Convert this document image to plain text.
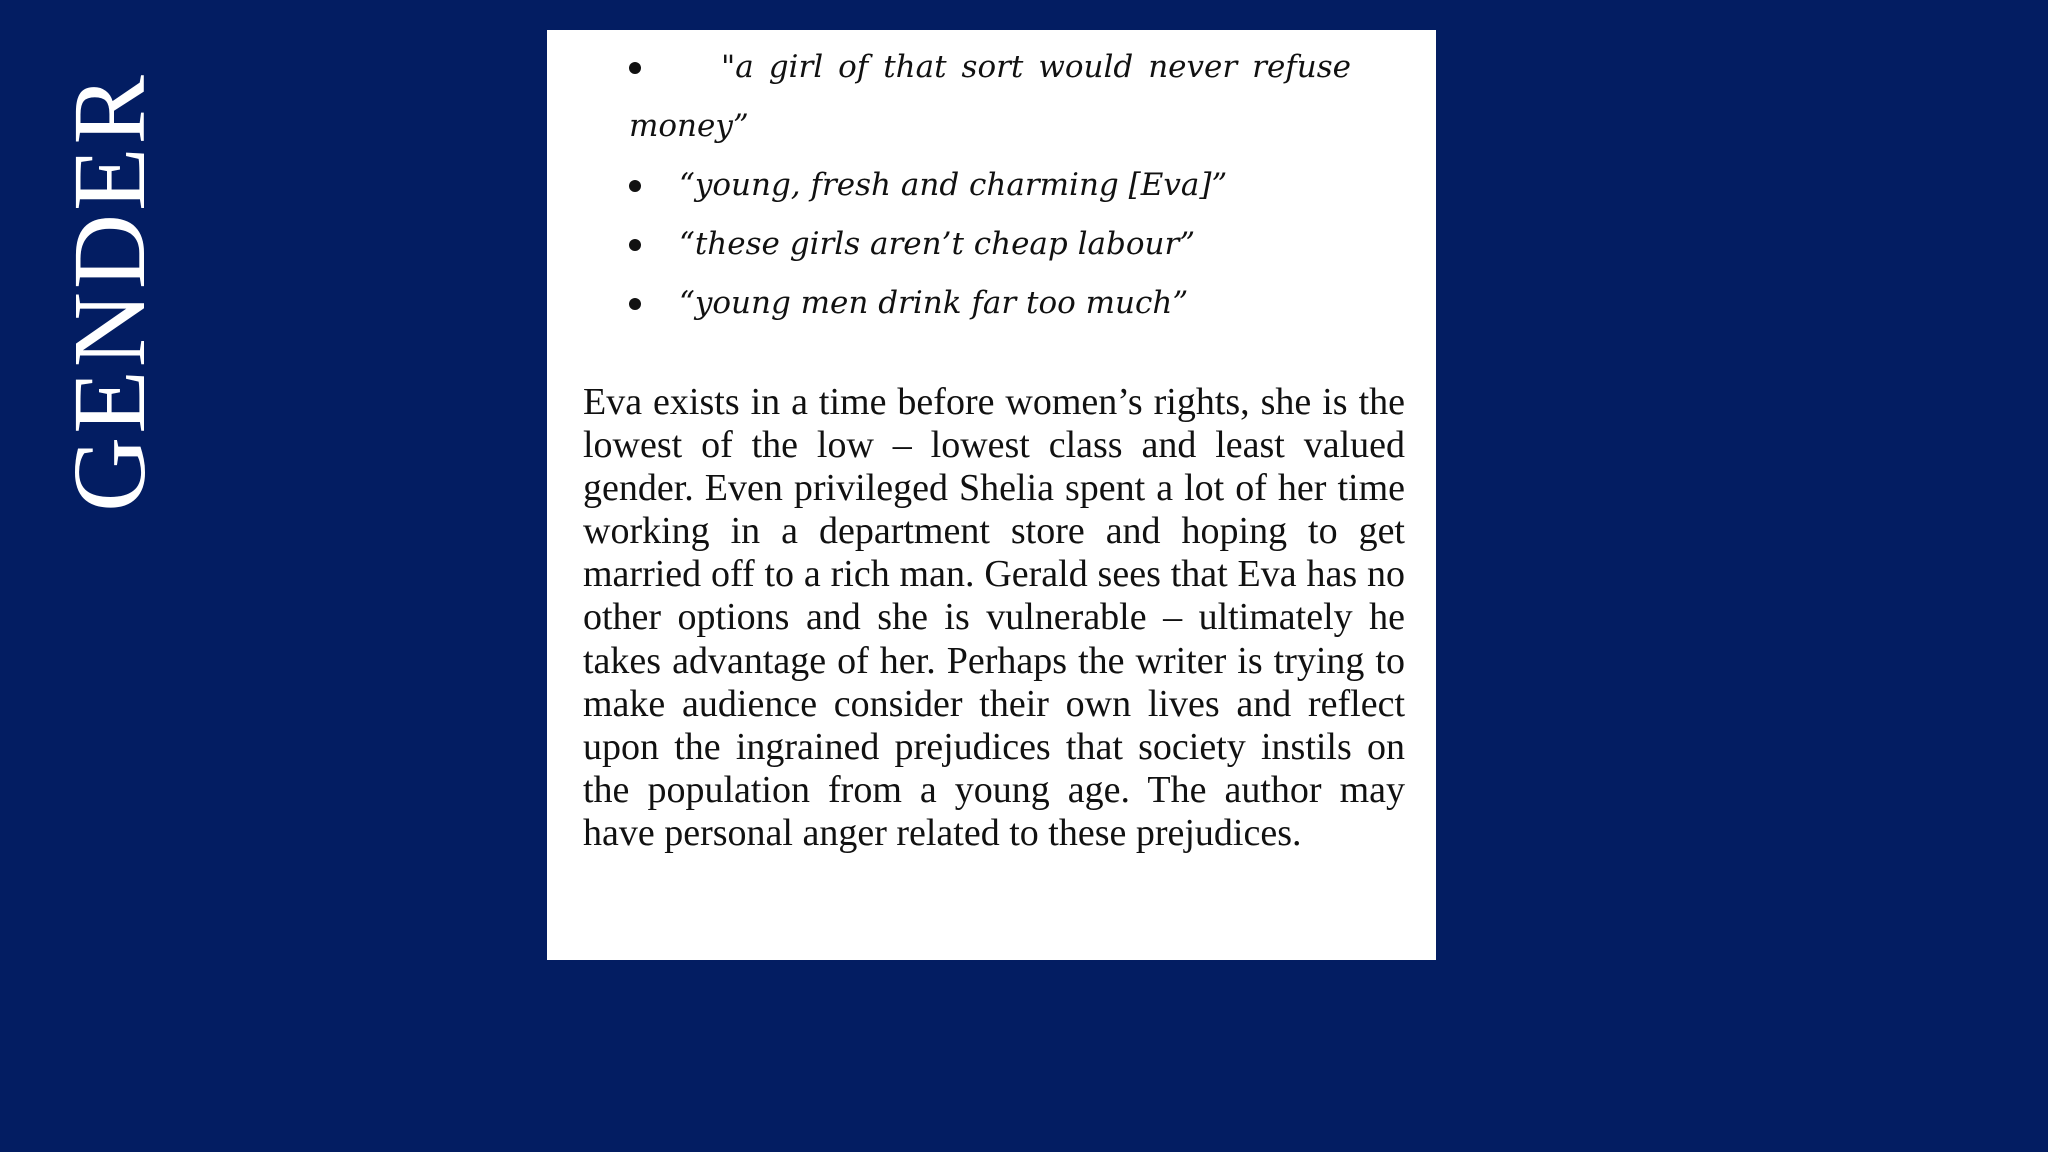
GENDER
"a girl of that sort would never refuse money”
“young, fresh and charming [Eva]”
“these girls aren’t cheap labour”
“young men drink far too much”

Eva exists in a time before women’s rights, she is the lowest of the low – lowest class and least valued gender. Even privileged Shelia spent a lot of her time working in a department store and hoping to get married off to a rich man. Gerald sees that Eva has no other options and she is vulnerable – ultimately he takes advantage of her. Perhaps the writer is trying to make audience consider their own lives and reflect upon the ingrained prejudices that society instils on the population from a young age. The author may have personal anger related to these prejudices.
